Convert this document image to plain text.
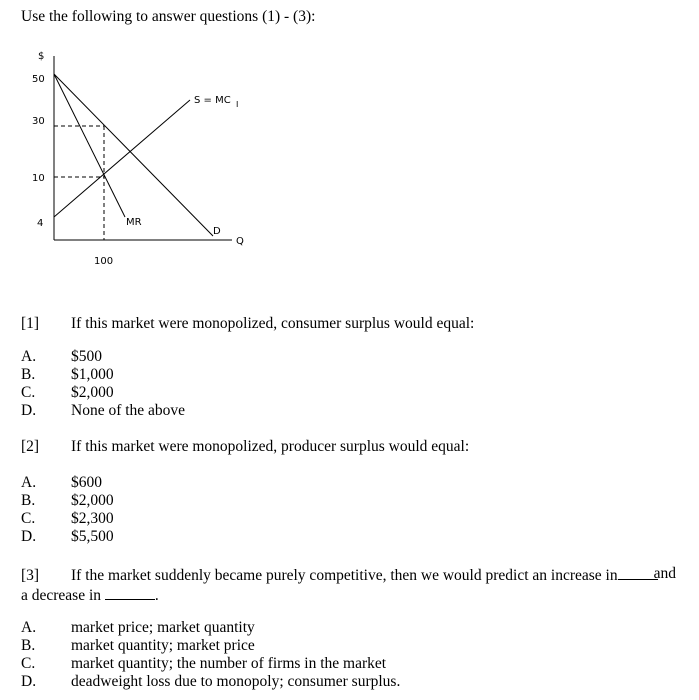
Use the following to answer questions (1) - (3):
$
Q
50
30
10
4
100
S = MC I
MR
D
[1] If this market were monopolized, consumer surplus would equal:
A.	$500
B.	$1,000
C.	$2,000
D.	None of the above
[2] If this market were monopolized, producer surplus would equal:
A.	$600
B.	$2,000
C.	$2,300
D.	$5,500
[3] If the market suddenly became purely competitive, then we would predict an increase in and

a decrease in	.
A.	market price; market quantity
B.	market quantity; market price
C.	market quantity; the number of firms in the market
D.	deadweight loss due to monopoly; consumer surplus.
